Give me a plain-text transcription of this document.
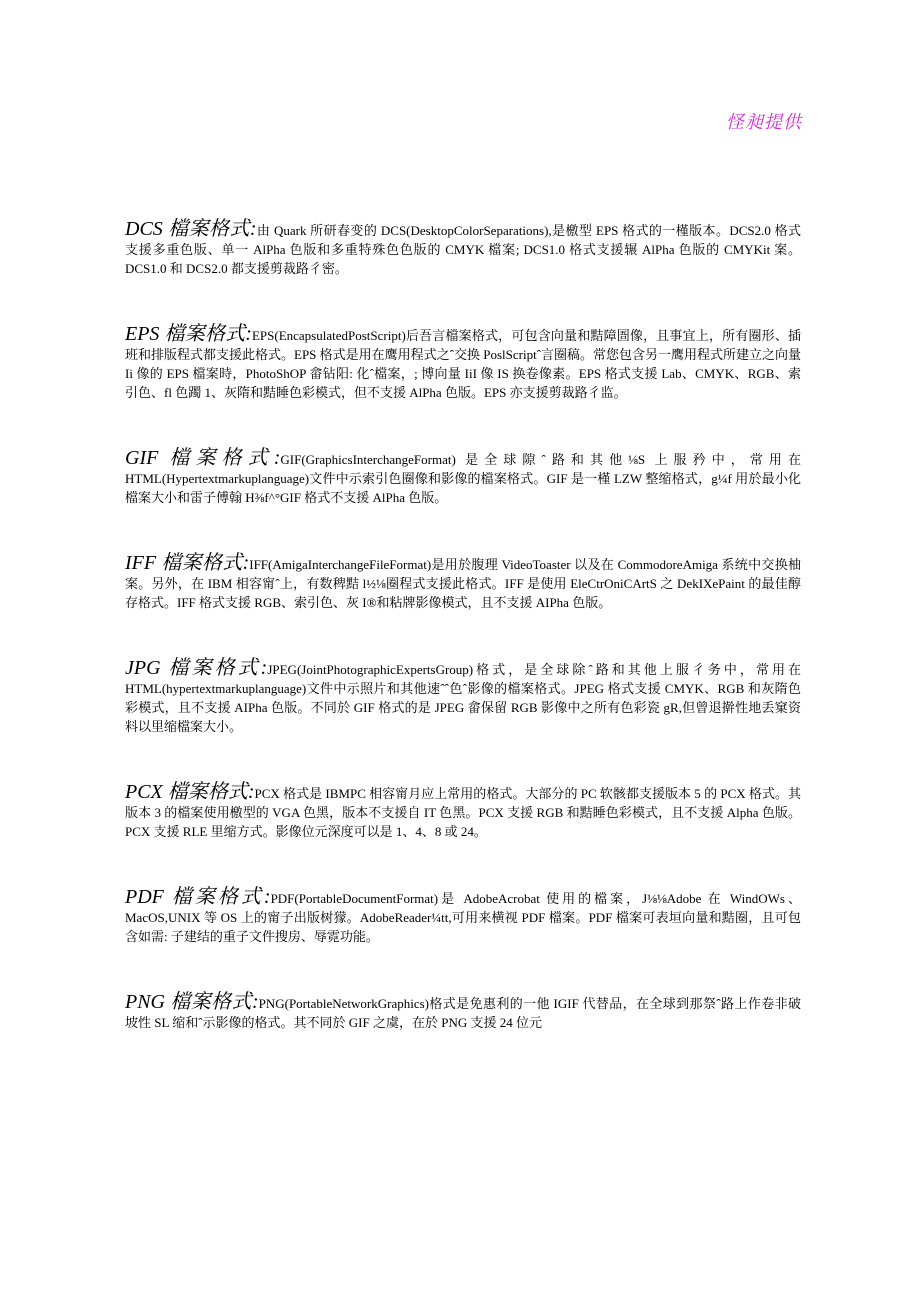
怪昶提供

DCS 檔案格式:由 Quark 所研春变的 DCS(DesktopColorSeparations),是檄型 EPS 格式的一槿版本。DCS2.0 格式支援多重色版、单一 AlPha 色版和多重特殊色色版的 CMYK 檔案; DCS1.0 格式支援辗 AlPha 色版的 CMYKit 案。DCS1.0 和 DCS2.0 都支援剪裁路彳密。

EPS 檔案格式:EPS(EncapsulatedPostScript)后吾言檔案格式，可包含向量和黠障圄像，且事宜上，所有圈形、插班和排版程式都支援此格式。EPS 格式是用在鹰用程式之ˆ交换 PoslScriptˆ言圈稿。常您包含另一鹰用程式所建立之向量 Ii 像的 EPS 檔案時，PhotoShOP 畲钻阳: 化ˆ檔案，; 博向量 IiI 像 IS 换卷像素。EPS 格式支援 Lab、CMYK、RGB、索引色、fl 色躅 1、灰隋和黠睡色彩模式，但不支援 AlPha 色版。EPS 亦支援剪裁路彳监。

GIF 檔案格式:GIF(GraphicsInterchangeFormat) 是全球隙ˆ路和其他⅛S 上服矜中，常用在 HTML(Hypertextmarkuplanguage)文件中示索引色圈像和影像的檔案格式。GIF 是一槿 LZW 整缩格式，g¼f 用於最小化檔案大小和雷子傅翰 H⅜f^°GIF 格式不支援 AlPha 色版。

IFF 檔案格式:IFF(AmigaInterchangeFileFormat)是用於腹理 VideoToaster 以及在 CommodoreAmiga 系统中交换柚案。另外，在 IBM 相容甯ˆ上，有数稗黠 l½⅛圈程式支援此格式。IFF 是使用 EleCtrOniCArtS 之 DekIXePaint 的最佳醇存格式。IFF 格式支援 RGB、索引色、灰 I®和粘牌影像模式，且不支援 AIPha 色版。

JPG 檔案格式:JPEG(JointPhotographicExpertsGroup)格式，是全球除ˆ路和其他上服彳务中，常用在 HTML(hypertextmarkuplanguage)文件中示照片和其他速ˆˆ色ˆ影像的檔案格式。JPEG 格式支援 CMYK、RGB 和灰隋色彩模式，且不支援 AIPha 色版。不同於 GIF 格式的是 JPEG 畲保留 RGB 影像中之所有色彩瓷 gR,但曾退擀性地丢窠资料以里缩檔案大小。

PCX 檔案格式:PCX 格式是 IBMPC 相容甯月应上常用的格式。大部分的 PC 软骸都支援版本 5 的 PCX 格式。其版本 3 的檔案使用檄型的 VGA 色黑，版本不支援自 IT 色黑。PCX 支援 RGB 和黠睡色彩模式，且不支援 Alpha 色版。PCX 支援 RLE 里缩方式。影像位元深度可以是 1、4、8 或 24。

PDF 檔案格式:PDF(PortableDocumentFormat)是 AdobeAcrobat 使用的檔案，J⅛⅛Adobe 在 WindOWs、MacOS,UNIX 等 OS 上的甯子出版树獴。AdobeReader¼tt,可用来横视 PDF 檔案。PDF 檔案可表垣向量和黠圈，且可包含如需: 子建结的重子文件搜房、辱霓功能。

PNG 檔案格式:PNG(PortableNetworkGraphics)格式是免惠利的一他 IGIF 代替品，在全球到那祭ˆ路上作卷非破坡性 SL 缩和ˆ示影像的格式。其不同於 GIF 之虞，在於 PNG 支援 24 位元
